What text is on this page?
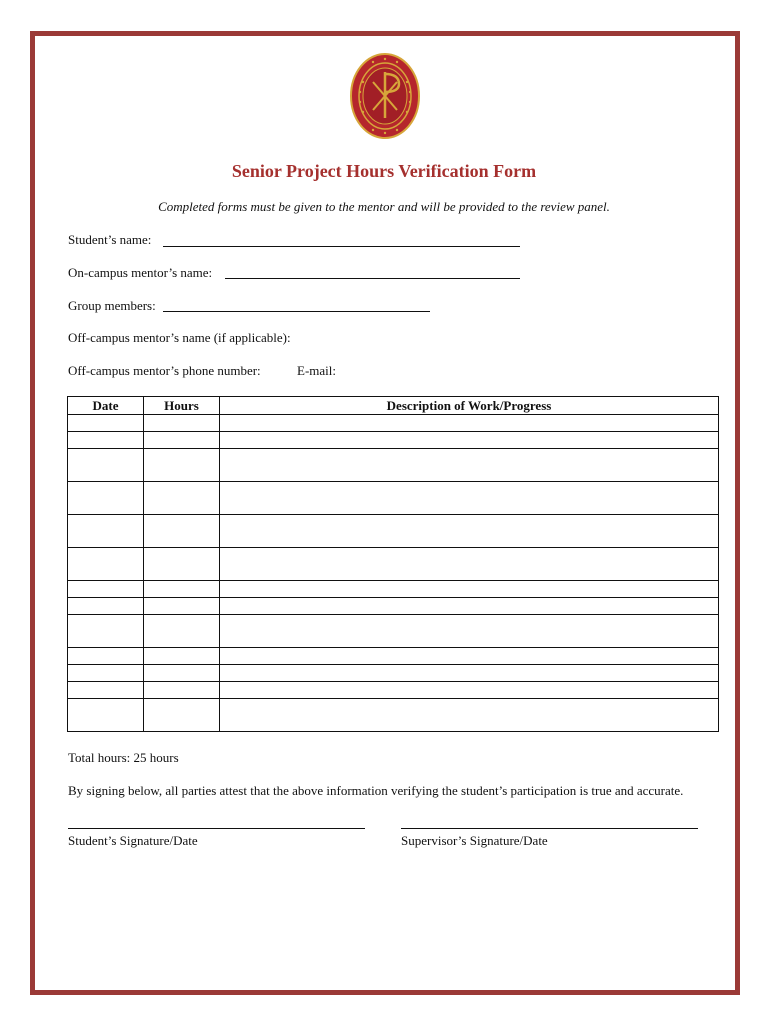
Senior Project Hours Verification Form
Completed forms must be given to the mentor and will be provided to the review panel.
Student’s name:
On-campus mentor’s name:
Group members:
Off-campus mentor’s name (if applicable):
Off-campus mentor’s phone number:	E-mail:
Date	Hours	Description of Work/Progress

Total hours: 25 hours
By signing below, all parties attest that the above information verifying the student’s participation is true and accurate.
Student’s Signature/Date	Supervisor’s Signature/Date
